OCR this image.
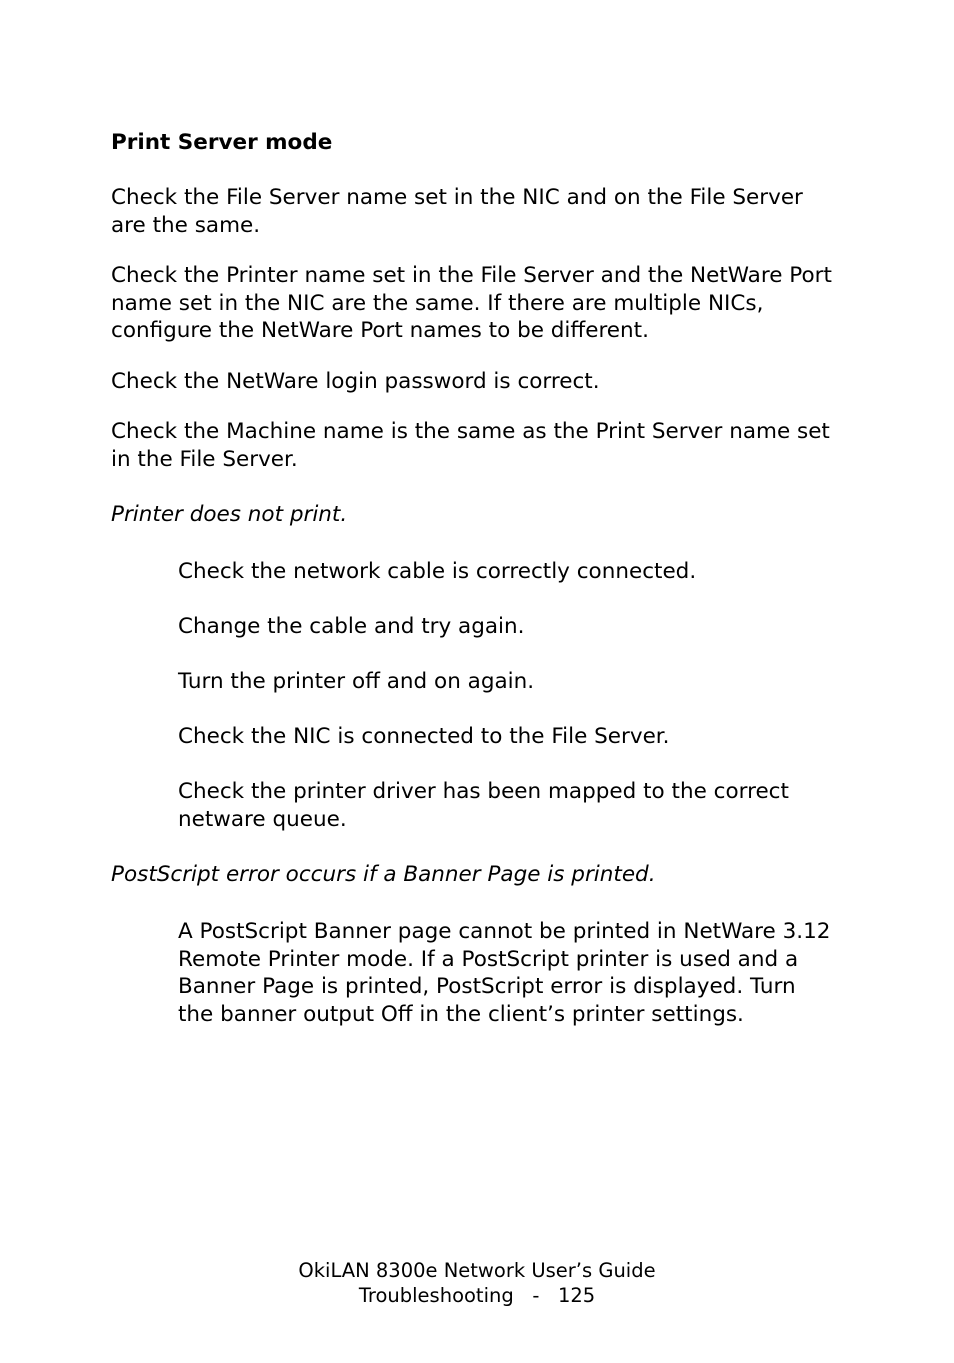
Print Server mode
Check the File Server name set in the NIC and on the File Server
are the same.
Check the Printer name set in the File Server and the NetWare Port
name set in the NIC are the same. If there are multiple NICs,
configure the NetWare Port names to be different.
Check the NetWare login password is correct.
Check the Machine name is the same as the Print Server name set
in the File Server.
Printer does not print.
Check the network cable is correctly connected.
Change the cable and try again.
Turn the printer off and on again.
Check the NIC is connected to the File Server.
Check the printer driver has been mapped to the correct
netware queue.
PostScript error occurs if a Banner Page is printed.
A PostScript Banner page cannot be printed in NetWare 3.12
Remote Printer mode. If a PostScript printer is used and a
Banner Page is printed, PostScript error is displayed. Turn
the banner output Off in the client’s printer settings.
OkiLAN 8300e Network User’s Guide
Troubleshooting   -   125
